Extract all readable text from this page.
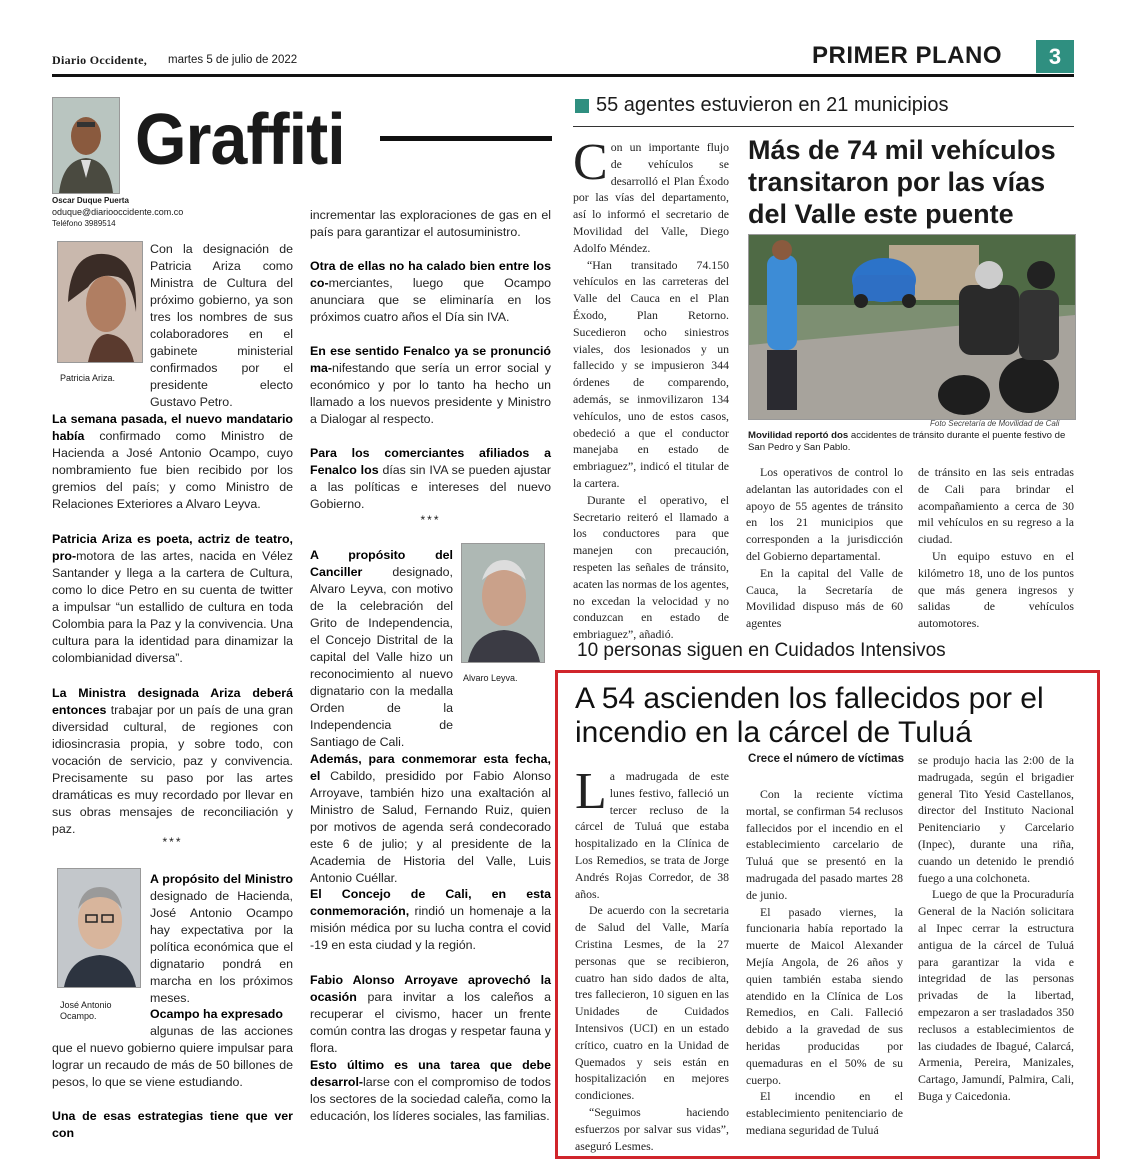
Diario Occidente, martes 5 de julio de 2022	PRIMER PLANO	3
Graffiti
Oscar Duque Puerta
oduque@diariooccidente.com.co
Teléfono 3989514
Patricia Ariza.
Con la designación de Patricia Ariza como Ministra de Cultura del próximo gobierno, ya son tres los nombres de sus colaboradores en el gabinete ministerial confirmados por el presidente electo Gustavo Petro.
La semana pasada, el nuevo mandatario había confirmado como Ministro de Hacienda a José Antonio Ocampo, cuyo nombramiento fue bien recibido por los gremios del país; y como Ministro de Relaciones Exteriores a Alvaro Leyva.
Patricia Ariza es poeta, actriz de teatro, pro-motora de las artes, nacida en Vélez Santander y llega a la cartera de Cultura, como lo dice Petro en su cuenta de twitter a impulsar “un estallido de cultura en toda Colombia para la Paz y la convivencia. Una cultura para la identidad para dinamizar la colombianidad diversa”.
La Ministra designada Ariza deberá entonces trabajar por un país de una gran diversidad cultural, de regiones con idiosincrasia propia, y sobre todo, con vocación de servicio, paz y convivencia. Precisamente su paso por las artes dramáticas es muy recordado por llevar en sus obras mensajes de reconciliación y paz.
***
A propósito del Ministro designado de Hacienda, José Antonio Ocampo hay expectativa por la política económica que el dignatario pondrá en marcha en los próximos meses.
José Antonio
Ocampo.	Ocampo ha expresado
algunas de las acciones que el nuevo gobierno quiere impulsar para lograr un recaudo de más de 50 billones de pesos, lo que se viene estudiando.
Una de esas estrategias tiene que ver con
incrementar las exploraciones de gas en el país para garantizar el autosuministro.
Otra de ellas no ha calado bien entre los co-merciantes, luego que Ocampo anunciara que se eliminaría en los próximos cuatro años el Día sin IVA.
En ese sentido Fenalco ya se pronunció ma-nifestando que sería un error social y económico y por lo tanto ha hecho un llamado a los nuevos presidente y Ministro a Dialogar al respecto.
Para los comerciantes afiliados a Fenalco los días sin IVA se pueden ajustar a las políticas e intereses del nuevo Gobierno.
***
Alvaro Leyva.
A propósito del Canciller designado, Alvaro Leyva, con motivo de la celebración del Grito de Independencia, el Concejo Distrital de la capital del Valle hizo un reconocimiento al nuevo dignatario con la medalla Orden de la Independencia de Santiago de Cali.
Además, para conmemorar esta fecha, el Cabildo, presidido por Fabio Alonso Arroyave, también hizo una exaltación al Ministro de Salud, Fernando Ruiz, quien por motivos de agenda será condecorado este 6 de julio; y al presidente de la Academia de Historia del Valle, Luis Antonio Cuéllar.
El Concejo de Cali, en esta conmemoración, rindió un homenaje a la misión médica por su lucha contra el covid -19 en esta ciudad y la región.
Fabio Alonso Arroyave aprovechó la ocasión para invitar a los caleños a recuperar el civismo, hacer un frente común contra las drogas y respetar fauna y flora.
Esto último es una tarea que debe desarrol-larse con el compromiso de todos los sectores de la sociedad caleña, como la educación, los líderes sociales, las familias.
55 agentes estuvieron en 21 municipios
Más de 74 mil vehículos transitaron por las vías del Valle este puente
Con un importante flujo de vehículos se desarrolló el Plan Éxodo por las vías del departamento, así lo informó el secretario de Movilidad del Valle, Diego Adolfo Méndez.
“Han transitado 74.150 vehículos en las carreteras del Valle del Cauca en el Plan Éxodo, Plan Retorno. Sucedieron ocho siniestros viales, dos lesionados y un fallecido y se impusieron 344 órdenes de comparendo, además, se inmovilizaron 134 vehículos, uno de estos casos, obedeció a que el conductor manejaba en estado de embriaguez”, indicó el titular de la cartera.
Durante el operativo, el Secretario reiteró el llamado a los conductores para que manejen con precaución, respeten las señales de tránsito, acaten las normas de los agentes, no excedan la velocidad y no conduzcan en estado de embriaguez”, añadió.
Foto Secretaría de Movilidad de Cali
Movilidad reportó dos accidentes de tránsito durante el puente festivo de San Pedro y San Pablo.
Los operativos de control lo adelantan las autoridades con el apoyo de 55 agentes de tránsito en los 21 municipios que corresponden a la jurisdicción del Gobierno departamental.
En la capital del Valle de Cauca, la Secretaría de Movilidad dispuso más de 60 agentes
de tránsito en las seis entradas de Cali para brindar el acompañamiento a cerca de 30 mil vehículos en su regreso a la ciudad.
Un equipo estuvo en el kilómetro 18, uno de los puntos que más genera ingresos y salidas de vehículos automotores.
10 personas siguen en Cuidados Intensivos
A 54 ascienden los fallecidos por el incendio en la cárcel de Tuluá
La madrugada de este lunes festivo, falleció un tercer recluso de la cárcel de Tuluá que estaba hospitalizado en la Clínica de Los Remedios, se trata de Jorge Andrés Rojas Corredor, de 38 años.
De acuerdo con la secretaria de Salud del Valle, María Cristina Lesmes, de la 27 personas que se recibieron, cuatro han sido dados de alta, tres fallecieron, 10 siguen en las Unidades de Cuidados Intensivos (UCI) en un estado crítico, cuatro en la Unidad de Quemados y seis están en hospitalización en mejores condiciones.
“Seguimos haciendo esfuerzos por salvar sus vidas”, aseguró Lesmes.
Crece el número de víctimas
Con la reciente víctima mortal, se confirman 54 reclusos fallecidos por el incendio en el establecimiento carcelario de Tuluá que se presentó en la madrugada del pasado martes 28 de junio.
El pasado viernes, la funcionaria había reportado la muerte de Maicol Alexander Mejía Angola, de 26 años y quien también estaba siendo atendido en la Clínica de Los Remedios, en Cali. Falleció debido a la gravedad de sus heridas producidas por quemaduras en el 50% de su cuerpo.
El incendio en el establecimiento penitenciario de mediana seguridad de Tuluá
se produjo hacia las 2:00 de la madrugada, según el brigadier general Tito Yesid Castellanos, director del Instituto Nacional Penitenciario y Carcelario (Inpec), durante una riña, cuando un detenido le prendió fuego a una colchoneta.
Luego de que la Procuraduría General de la Nación solicitara al Inpec cerrar la estructura antigua de la cárcel de Tuluá para garantizar la vida e integridad de las personas privadas de la libertad, empezaron a ser trasladados 350 reclusos a establecimientos de las ciudades de Ibagué, Calarcá, Armenia, Pereira, Manizales, Cartago, Jamundí, Palmira, Cali, Buga y Caicedonia.
